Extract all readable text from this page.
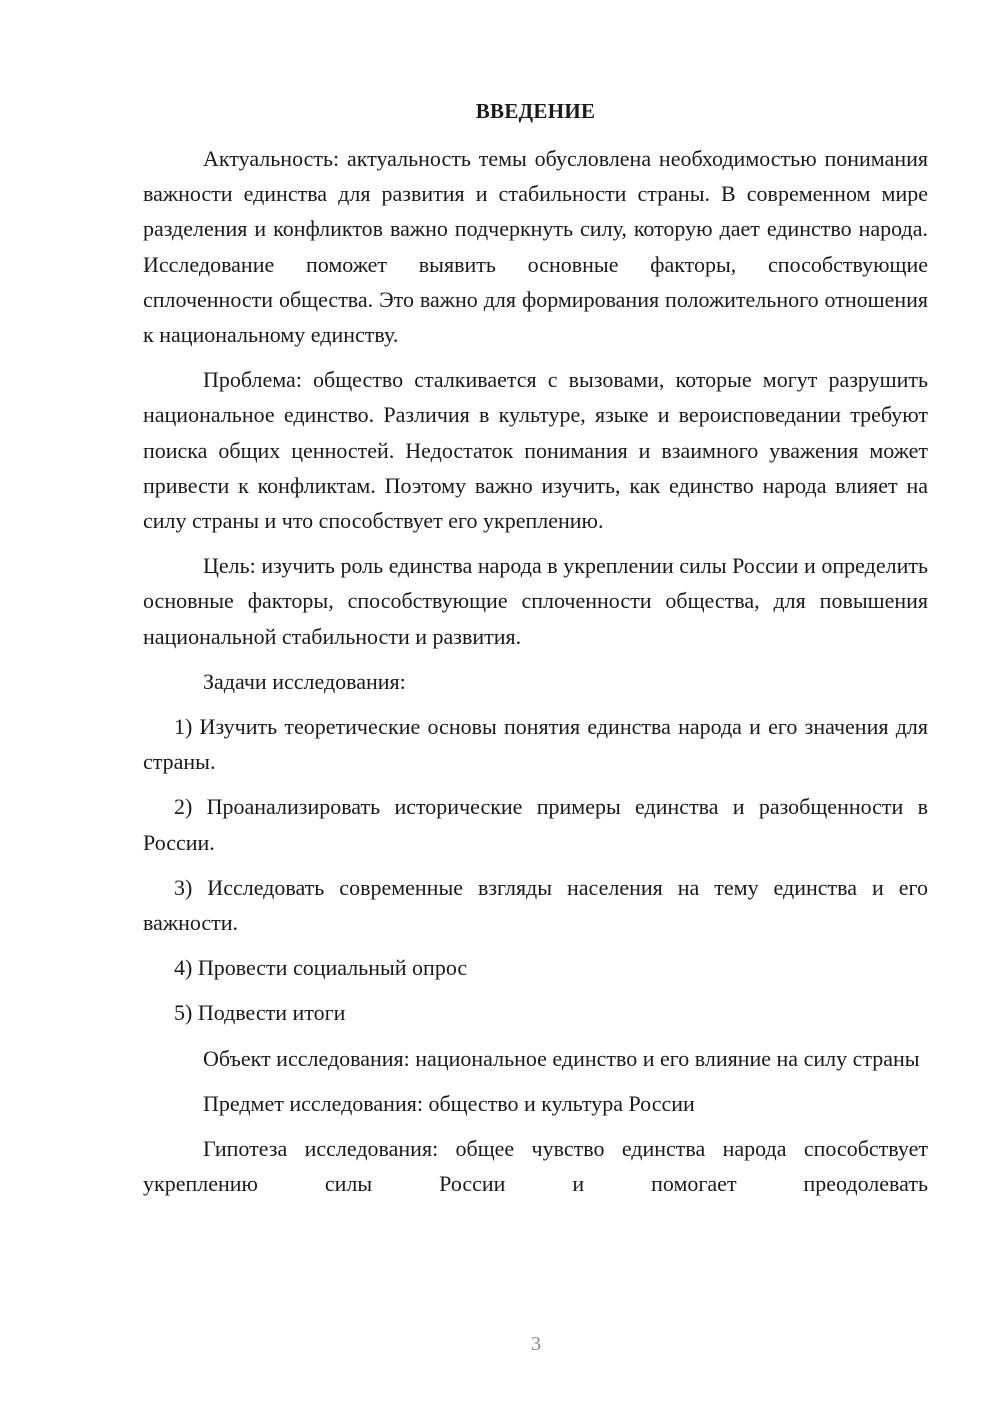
ВВЕДЕНИЕ

Актуальность: актуальность темы обусловлена необходимостью понимания важности единства для развития и стабильности страны. В современном мире разделения и конфликтов важно подчеркнуть силу, которую дает единство народа. Исследование поможет выявить основные факторы, способствующие сплоченности общества. Это важно для формирования положительного отношения к национальному единству.

Проблема: общество сталкивается с вызовами, которые могут разрушить национальное единство. Различия в культуре, языке и вероисповедании требуют поиска общих ценностей. Недостаток понимания и взаимного уважения может привести к конфликтам. Поэтому важно изучить, как единство народа влияет на силу страны и что способствует его укреплению.

Цель: изучить роль единства народа в укреплении силы России и определить основные факторы, способствующие сплоченности общества, для повышения национальной стабильности и развития.

Задачи исследования:

1) Изучить теоретические основы понятия единства народа и его значения для страны.

2) Проанализировать исторические примеры единства и разобщенности в России.

3) Исследовать современные взгляды населения на тему единства и его важности.

4) Провести социальный опрос

5) Подвести итоги

Объект исследования: национальное единство и его влияние на силу страны

Предмет исследования: общество и культура России

Гипотеза исследования: общее чувство единства народа способствует укреплению силы России и помогает преодолевать

3
